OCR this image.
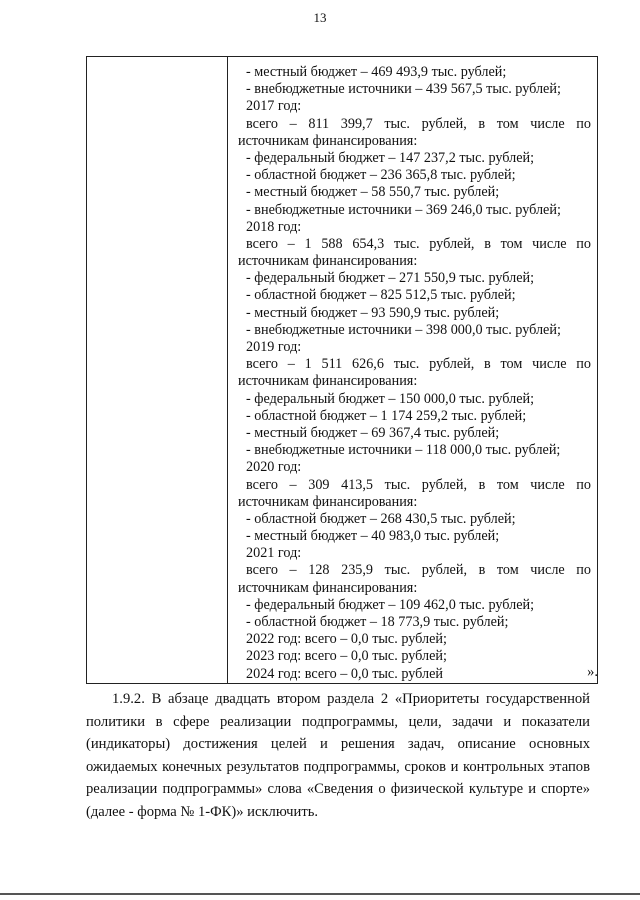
13

- местный бюджет – 469 493,9 тыс. рублей;
- внебюджетные источники – 439 567,5 тыс. рублей;
2017 год:
всего – 811 399,7 тыс. рублей, в том числе по
источникам финансирования:
- федеральный бюджет – 147 237,2 тыс. рублей;
- областной бюджет – 236 365,8 тыс. рублей;
- местный бюджет – 58 550,7 тыс. рублей;
- внебюджетные источники – 369 246,0 тыс. рублей;
2018 год:
всего – 1 588 654,3 тыс. рублей, в том числе по
источникам финансирования:
- федеральный бюджет – 271 550,9 тыс. рублей;
- областной бюджет – 825 512,5 тыс. рублей;
- местный бюджет – 93 590,9 тыс. рублей;
- внебюджетные источники – 398 000,0 тыс. рублей;
2019 год:
всего – 1 511 626,6 тыс. рублей, в том числе по
источникам финансирования:
- федеральный бюджет – 150 000,0 тыс. рублей;
- областной бюджет – 1 174 259,2 тыс. рублей;
- местный бюджет – 69 367,4 тыс. рублей;
- внебюджетные источники – 118 000,0 тыс. рублей;
2020 год:
всего – 309 413,5 тыс. рублей, в том числе по
источникам финансирования:
- областной бюджет – 268 430,5 тыс. рублей;
- местный бюджет – 40 983,0 тыс. рублей;
2021 год:
всего – 128 235,9 тыс. рублей, в том числе по
источникам финансирования:
- федеральный бюджет – 109 462,0 тыс. рублей;
- областной бюджет – 18 773,9 тыс. рублей;
2022 год: всего – 0,0 тыс. рублей;
2023 год: всего – 0,0 тыс. рублей;
2024 год: всего – 0,0 тыс. рублей	».
1.9.2. В абзаце двадцать втором раздела 2 «Приоритеты государственной политики в сфере реализации подпрограммы, цели, задачи и показатели (индикаторы) достижения целей и решения задач, описание основных ожидаемых конечных результатов подпрограммы, сроков и контрольных этапов реализации подпрограммы» слова «Сведения о физической культуре и спорте» (далее - форма № 1-ФК)» исключить.
